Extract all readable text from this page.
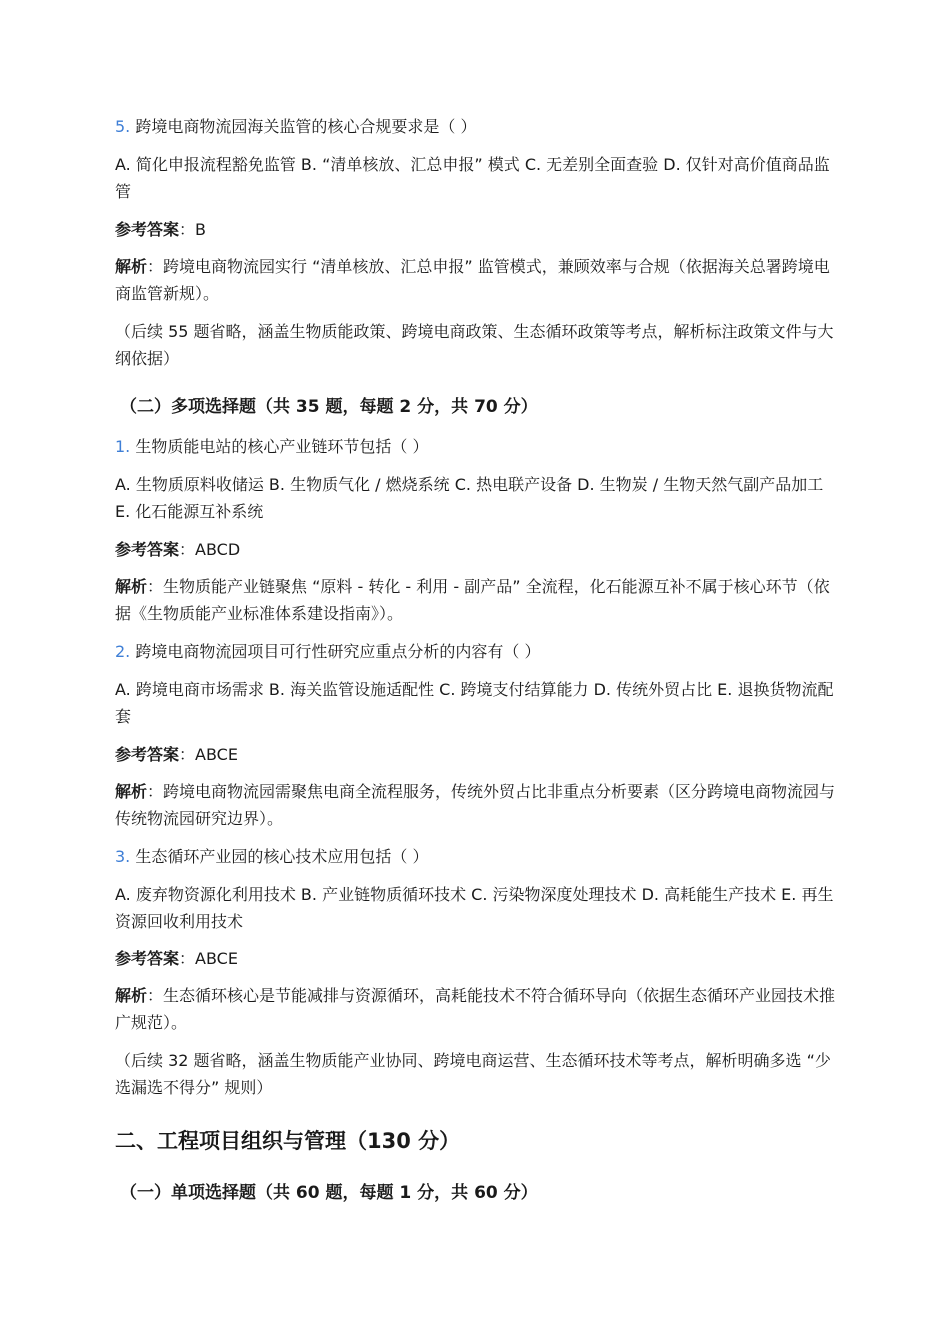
5. 跨境电商物流园海关监管的核心合规要求是（ ）

A. 简化申报流程豁免监管 B. “清单核放、汇总申报” 模式 C. 无差别全面查验 D. 仅针对高价值商品监管

参考答案：B

解析：跨境电商物流园实行 “清单核放、汇总申报” 监管模式，兼顾效率与合规（依据海关总署跨境电商监管新规）。

（后续 55 题省略，涵盖生物质能政策、跨境电商政策、生态循环政策等考点，解析标注政策文件与大纲依据）

（二）多项选择题（共 35 题，每题 2 分，共 70 分）

1. 生物质能电站的核心产业链环节包括（ ）

A. 生物质原料收储运 B. 生物质气化 / 燃烧系统 C. 热电联产设备 D. 生物炭 / 生物天然气副产品加工 E. 化石能源互补系统

参考答案：ABCD

解析：生物质能产业链聚焦 “原料 - 转化 - 利用 - 副产品” 全流程，化石能源互补不属于核心环节（依据《生物质能产业标准体系建设指南》）。

2. 跨境电商物流园项目可行性研究应重点分析的内容有（ ）

A. 跨境电商市场需求 B. 海关监管设施适配性 C. 跨境支付结算能力 D. 传统外贸占比 E. 退换货物流配套

参考答案：ABCE

解析：跨境电商物流园需聚焦电商全流程服务，传统外贸占比非重点分析要素（区分跨境电商物流园与传统物流园研究边界）。

3. 生态循环产业园的核心技术应用包括（ ）

A. 废弃物资源化利用技术 B. 产业链物质循环技术 C. 污染物深度处理技术 D. 高耗能生产技术 E. 再生资源回收利用技术

参考答案：ABCE

解析：生态循环核心是节能减排与资源循环，高耗能技术不符合循环导向（依据生态循环产业园技术推广规范）。

（后续 32 题省略，涵盖生物质能产业协同、跨境电商运营、生态循环技术等考点，解析明确多选 “少选漏选不得分” 规则）

二、工程项目组织与管理（130 分）

（一）单项选择题（共 60 题，每题 1 分，共 60 分）
